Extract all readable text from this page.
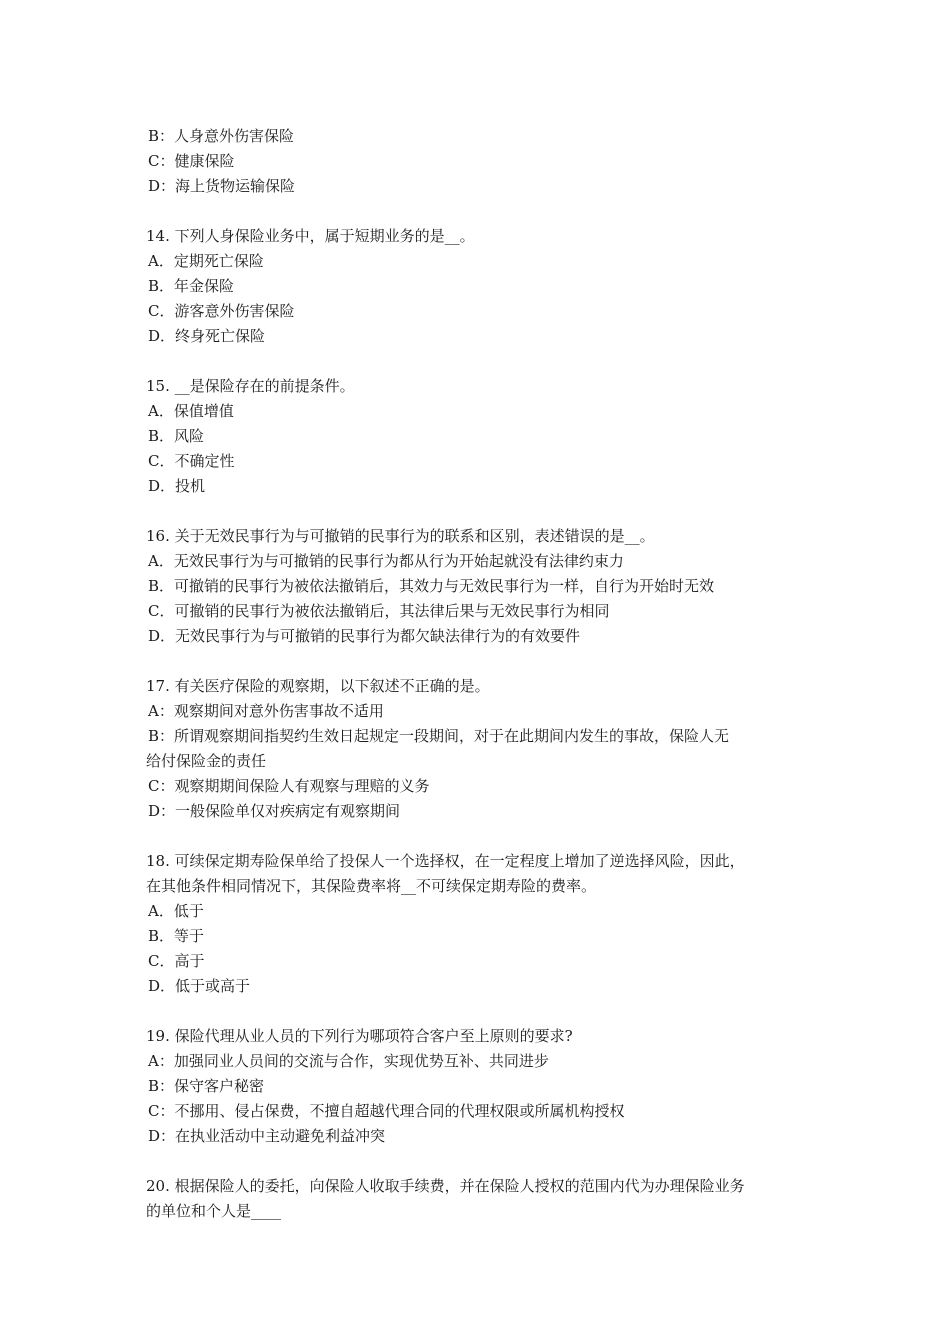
B：人身意外伤害保险
C：健康保险
D：海上货物运输保险
14. 下列人身保险业务中，属于短期业务的是__。
A．定期死亡保险
B．年金保险
C．游客意外伤害保险
D．终身死亡保险
15. __是保险存在的前提条件。
A．保值增值
B．风险
C．不确定性
D．投机
16. 关于无效民事行为与可撤销的民事行为的联系和区别，表述错误的是__。
A．无效民事行为与可撤销的民事行为都从行为开始起就没有法律约束力
B．可撤销的民事行为被依法撤销后，其效力与无效民事行为一样，自行为开始时无效
C．可撤销的民事行为被依法撤销后，其法律后果与无效民事行为相同
D．无效民事行为与可撤销的民事行为都欠缺法律行为的有效要件
17. 有关医疗保险的观察期，以下叙述不正确的是。
A：观察期间对意外伤害事故不适用
B：所谓观察期间指契约生效日起规定一段期间，对于在此期间内发生的事故，保险人无
给付保险金的责任
C：观察期期间保险人有观察与理赔的义务
D：一般保险单仅对疾病定有观察期间
18. 可续保定期寿险保单给了投保人一个选择权，在一定程度上增加了逆选择风险，因此，
在其他条件相同情况下，其保险费率将__不可续保定期寿险的费率。
A．低于
B．等于
C．高于
D．低于或高于
19. 保险代理从业人员的下列行为哪项符合客户至上原则的要求?
A：加强同业人员间的交流与合作，实现优势互补、共同进步
B：保守客户秘密
C：不挪用、侵占保费，不擅自超越代理合同的代理权限或所属机构授权
D：在执业活动中主动避免利益冲突
20. 根据保险人的委托，向保险人收取手续费，并在保险人授权的范围内代为办理保险业务
的单位和个人是____
